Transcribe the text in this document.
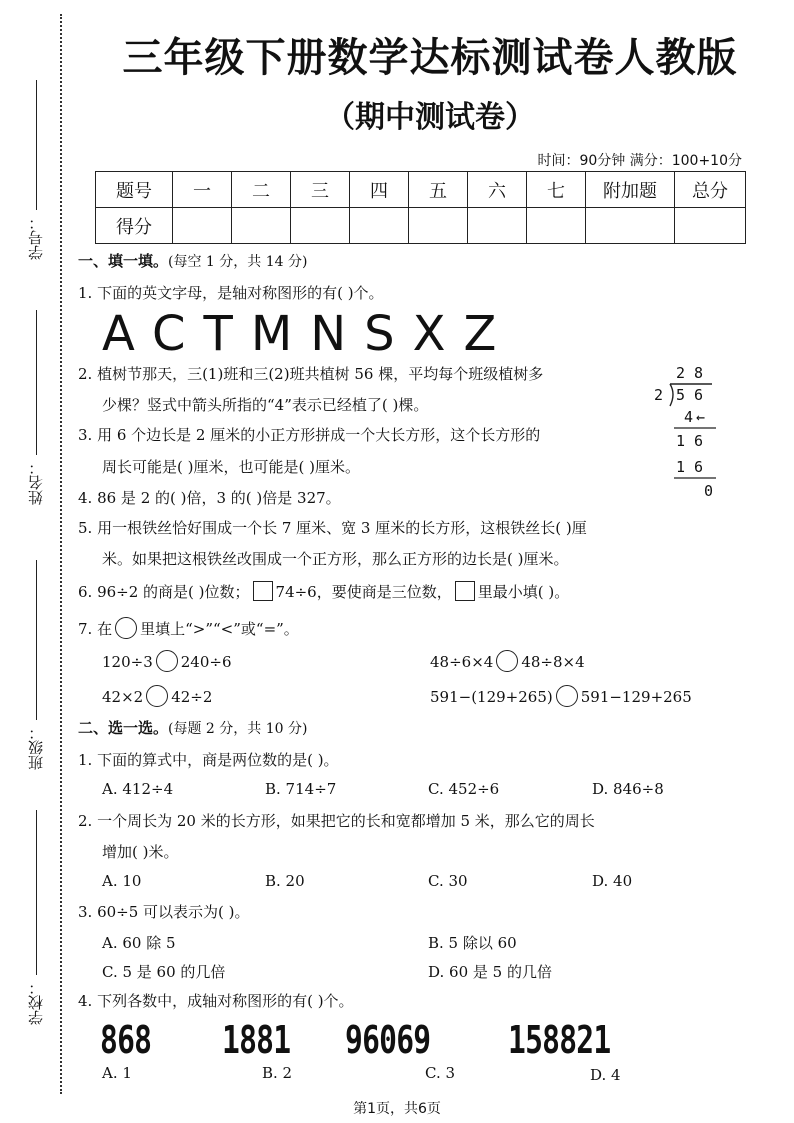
学号：
姓名：
班级：
学校：
三年级下册数学达标测试卷人教版
（期中测试卷）
时间：90分钟 满分：100+10分
题号	一	二	三	四	五	六	七	附加题	总分
得分									
一、填一填。(每空 1 分，共 14 分)
1. 下面的英文字母，是轴对称图形的有( )个。
ACTMNSXZ
2. 植树节那天，三(1)班和三(2)班共植树 56 棵，平均每个班级植树多
少棵？竖式中箭头所指的“4”表示已经植了( )棵。
2 8
2 5 6
4 ←
1 6
1 6
0
3. 用 6 个边长是 2 厘米的小正方形拼成一个大长方形，这个长方形的
周长可能是( )厘米，也可能是( )厘米。
4. 86 是 2 的( )倍，3 的( )倍是 327。
5. 用一根铁丝恰好围成一个长 7 厘米、宽 3 厘米的长方形，这根铁丝长( )厘
米。如果把这根铁丝改围成一个正方形，那么正方形的边长是( )厘米。
6. 96÷2 的商是( )位数； 74÷6，要使商是三位数， 里最小填( )。
7. 在 里填上“>”“<”或“=”。
120÷3 240÷6	48÷6×4 48÷8×4
42×2 42÷2	591−(129+265) 591−129+265
二、选一选。(每题 2 分，共 10 分)
1. 下面的算式中，商是两位数的是( )。
A. 412÷4	B. 714÷7	C. 452÷6	D. 846÷8
2. 一个周长为 20 米的长方形，如果把它的长和宽都增加 5 米，那么它的周长
增加( )米。
A. 10	B. 20	C. 30	D. 40
3. 60÷5 可以表示为( )。
A. 60 除 5	B. 5 除以 60
C. 5 是 60 的几倍	D. 60 是 5 的几倍
4. 下列各数中，成轴对称图形的有( )个。
868 1881 96069 158821
A. 1	B. 2	C. 3	D. 4
第1页，共6页
